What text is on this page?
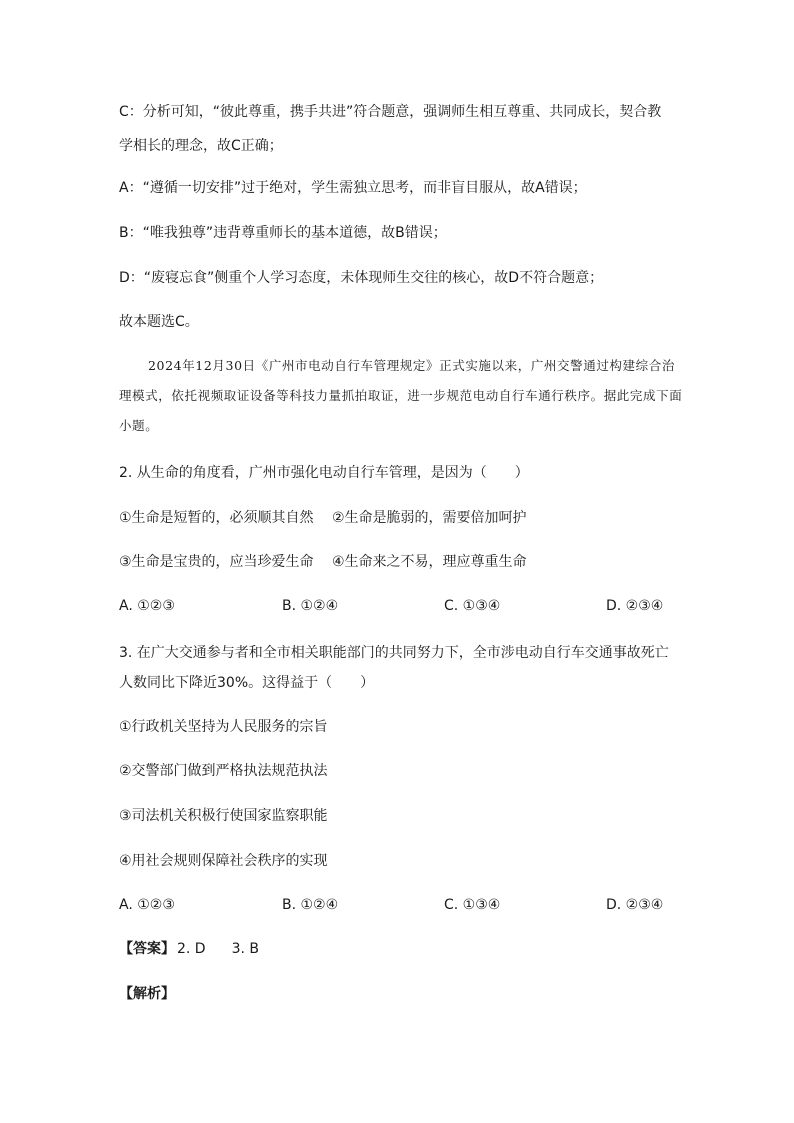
C：分析可知，“彼此尊重，携手共进”符合题意，强调师生相互尊重、共同成长，契合教
学相长的理念，故C正确；
A：“遵循一切安排”过于绝对，学生需独立思考，而非盲目服从，故A错误；
B：“唯我独尊”违背尊重师长的基本道德，故B错误；
D：“废寝忘食”侧重个人学习态度，未体现师生交往的核心，故D不符合题意；
故本题选C。
2024年12月30日《广州市电动自行车管理规定》正式实施以来，广州交警通过构建综合治理模式，依托视频取证设备等科技力量抓拍取证，进一步规范电动自行车通行秩序。据此完成下面小题。
2. 从生命的角度看，广州市强化电动自行车管理，是因为（　　）
①生命是短暂的，必须顺其自然　 ②生命是脆弱的，需要倍加呵护
③生命是宝贵的，应当珍爱生命　 ④生命来之不易，理应尊重生命
A. ①②③	B. ①②④	C. ①③④	D. ②③④
3. 在广大交通参与者和全市相关职能部门的共同努力下，全市涉电动自行车交通事故死亡
人数同比下降近30%。这得益于（　　）
①行政机关坚持为人民服务的宗旨
②交警部门做到严格执法规范执法
③司法机关积极行使国家监察职能
④用社会规则保障社会秩序的实现
A. ①②③	B. ①②④	C. ①③④	D. ②③④
【答案】 2. D 3. B
【解析】
